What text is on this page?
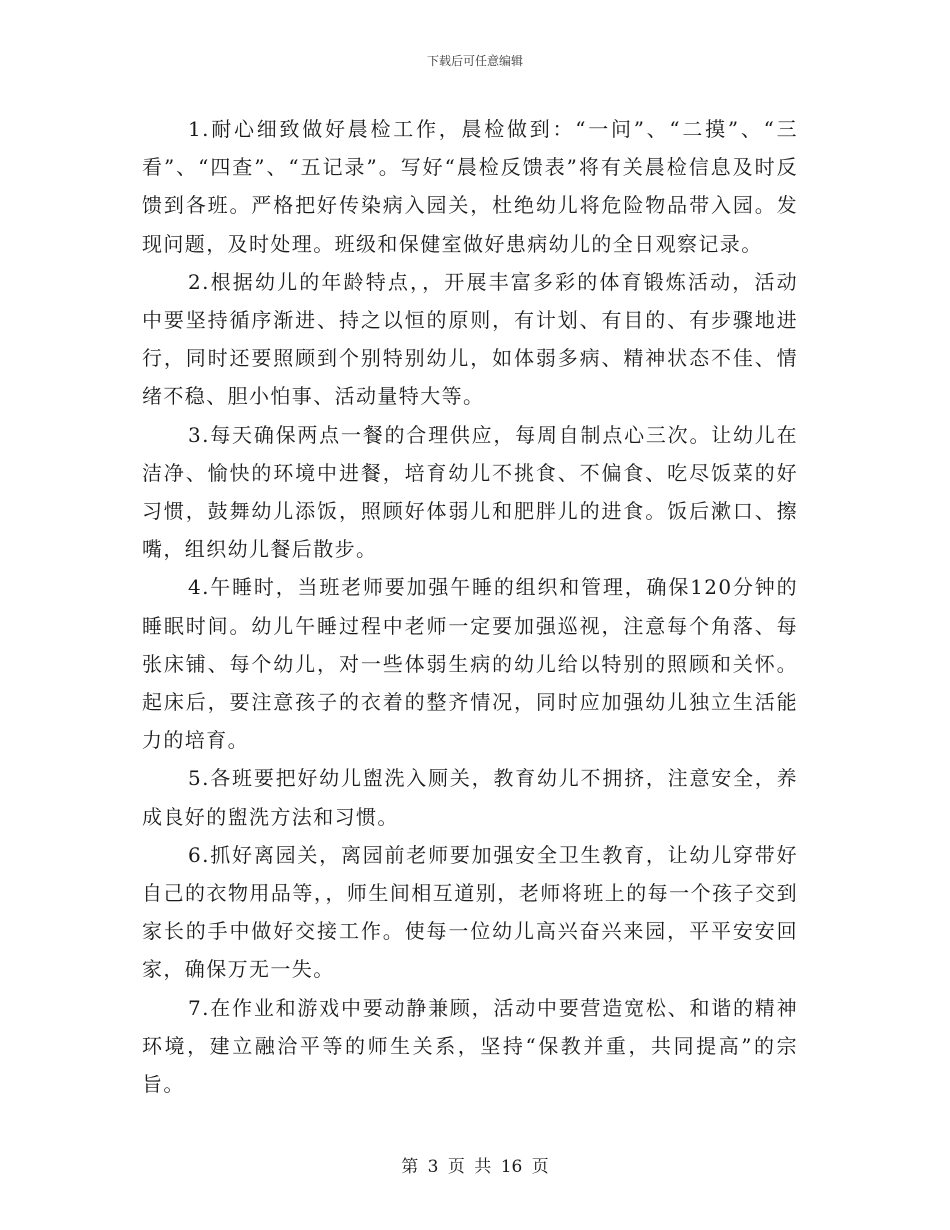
下载后可任意编辑

1.耐心细致做好晨检工作，晨检做到：“一问”、“二摸”、“三看”、“四查”、“五记录”。写好“晨检反馈表”将有关晨检信息及时反馈到各班。严格把好传染病入园关，杜绝幼儿将危险物品带入园。发现问题，及时处理。班级和保健室做好患病幼儿的全日观察记录。

2.根据幼儿的年龄特点，，开展丰富多彩的体育锻炼活动，活动中要坚持循序渐进、持之以恒的原则，有计划、有目的、有步骤地进行，同时还要照顾到个别特别幼儿，如体弱多病、精神状态不佳、情绪不稳、胆小怕事、活动量特大等。

3.每天确保两点一餐的合理供应，每周自制点心三次。让幼儿在洁净、愉快的环境中进餐，培育幼儿不挑食、不偏食、吃尽饭菜的好习惯，鼓舞幼儿添饭，照顾好体弱儿和肥胖儿的进食。饭后漱口、擦嘴，组织幼儿餐后散步。

4.午睡时，当班老师要加强午睡的组织和管理，确保120分钟的睡眠时间。幼儿午睡过程中老师一定要加强巡视，注意每个角落、每张床铺、每个幼儿，对一些体弱生病的幼儿给以特别的照顾和关怀。起床后，要注意孩子的衣着的整齐情况，同时应加强幼儿独立生活能力的培育。

5.各班要把好幼儿盥洗入厕关，教育幼儿不拥挤，注意安全，养成良好的盥洗方法和习惯。

6.抓好离园关，离园前老师要加强安全卫生教育，让幼儿穿带好自己的衣物用品等，，师生间相互道别，老师将班上的每一个孩子交到家长的手中做好交接工作。使每一位幼儿高兴奋兴来园，平平安安回家，确保万无一失。

7.在作业和游戏中要动静兼顾，活动中要营造宽松、和谐的精神环境，建立融洽平等的师生关系，坚持“保教并重，共同提高”的宗旨。

第 3 页 共 16 页
